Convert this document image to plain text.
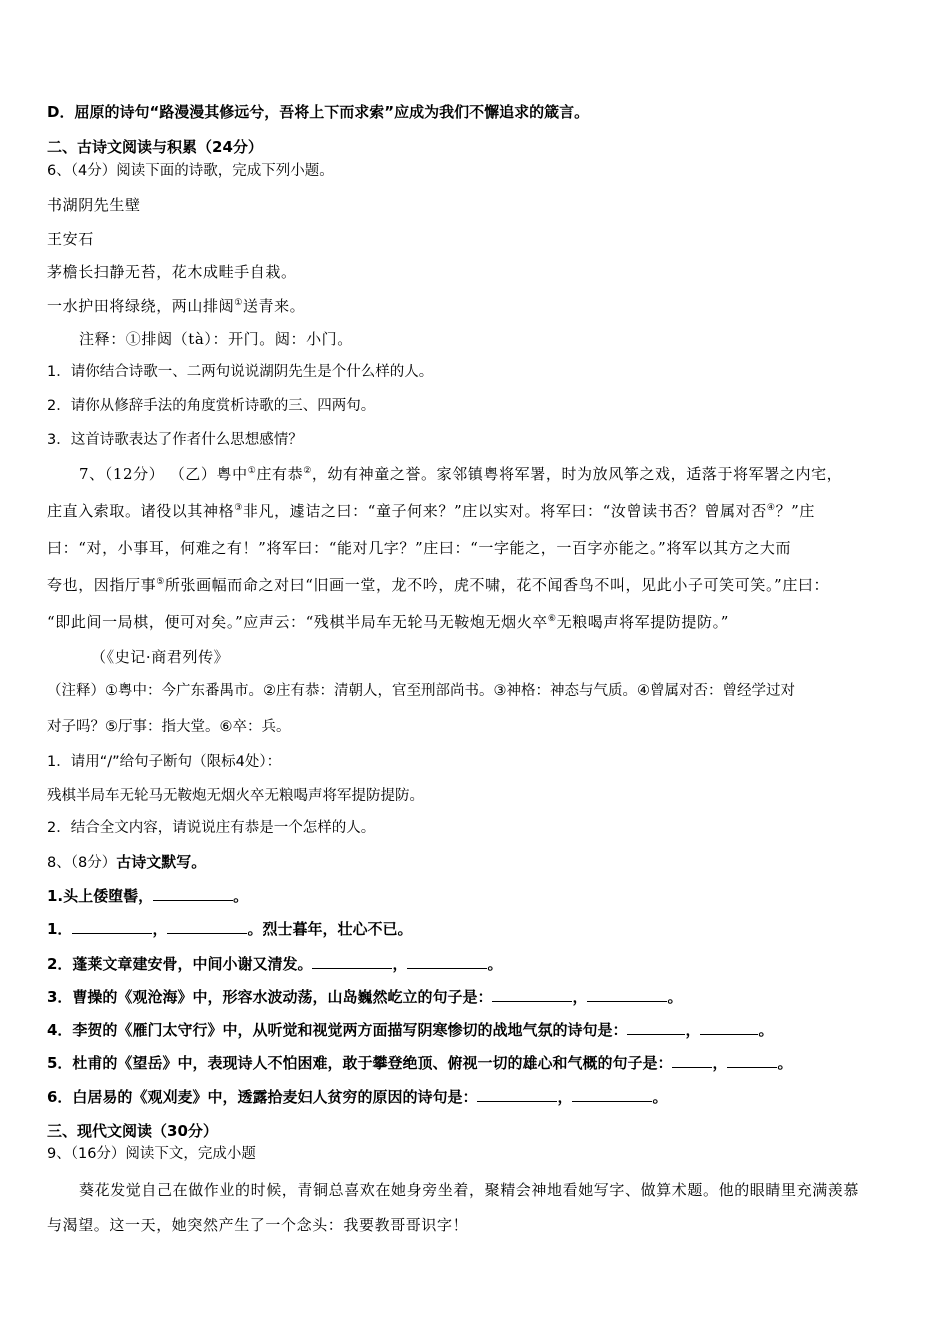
D．屈原的诗句“路漫漫其修远兮，吾将上下而求索”应成为我们不懈追求的箴言。
二、古诗文阅读与积累（24分）
6、（4分）阅读下面的诗歌，完成下列小题。
书湖阴先生壁
王安石
茅檐长扫静无苔，花木成畦手自栽。
一水护田将绿绕，两山排闼①送青来。
注释：①排闼（tà）：开门。闼：小门。
1．请你结合诗歌一、二两句说说湖阴先生是个什么样的人。
2．请你从修辞手法的角度赏析诗歌的三、四两句。
3．这首诗歌表达了作者什么思想感情？
7、（12分） （乙）粤中①庄有恭②，幼有神童之誉。家邻镇粤将军署，时为放风筝之戏，适落于将军署之内宅，
庄直入索取。诸役以其神格③非凡，遽诘之曰：“童子何来？”庄以实对。将军曰：“汝曾读书否？曾属对否④？”庄
曰：“对，小事耳，何难之有！”将军曰：“能对几字？”庄曰：“一字能之，一百字亦能之。”将军以其方之大而
夸也，因指厅事⑤所张画幅而命之对曰“旧画一堂，龙不吟，虎不啸，花不闻香鸟不叫，见此小子可笑可笑。”庄曰：
“即此间一局棋，便可对矣。”应声云：“残棋半局车无轮马无鞍炮无烟火卒⑥无粮喝声将军提防提防。”
（《史记·商君列传》
（注释）①粤中：今广东番禺市。②庄有恭：清朝人，官至刑部尚书。③神格：神态与气质。④曾属对否：曾经学过对
对子吗？⑤厅事：指大堂。⑥卒：兵。
1．请用“/”给句子断句（限标4处）：
残棋半局车无轮马无鞍炮无烟火卒无粮喝声将军提防提防。
2．结合全文内容，请说说庄有恭是一个怎样的人。
8、（8分）古诗文默写。
1.头上倭堕髻，	。
1．	，	。烈士暮年，壮心不已。
2．蓬莱文章建安骨，中间小谢又清发。	，	。
3．曹操的《观沧海》中，形容水波动荡，山岛巍然屹立的句子是：	，	。
4．李贺的《雁门太守行》中，从听觉和视觉两方面描写阴寒惨切的战地气氛的诗句是：	，	。
5．杜甫的《望岳》中，表现诗人不怕困难，敢于攀登绝顶、俯视一切的雄心和气概的句子是：	，	。
6．白居易的《观刈麦》中，透露拾麦妇人贫穷的原因的诗句是：	，	。
三、现代文阅读（30分）
9、（16分）阅读下文，完成小题
葵花发觉自己在做作业的时候，青铜总喜欢在她身旁坐着，聚精会神地看她写字、做算术题。他的眼睛里充满羡慕
与渴望。这一天，她突然产生了一个念头：我要教哥哥识字！
